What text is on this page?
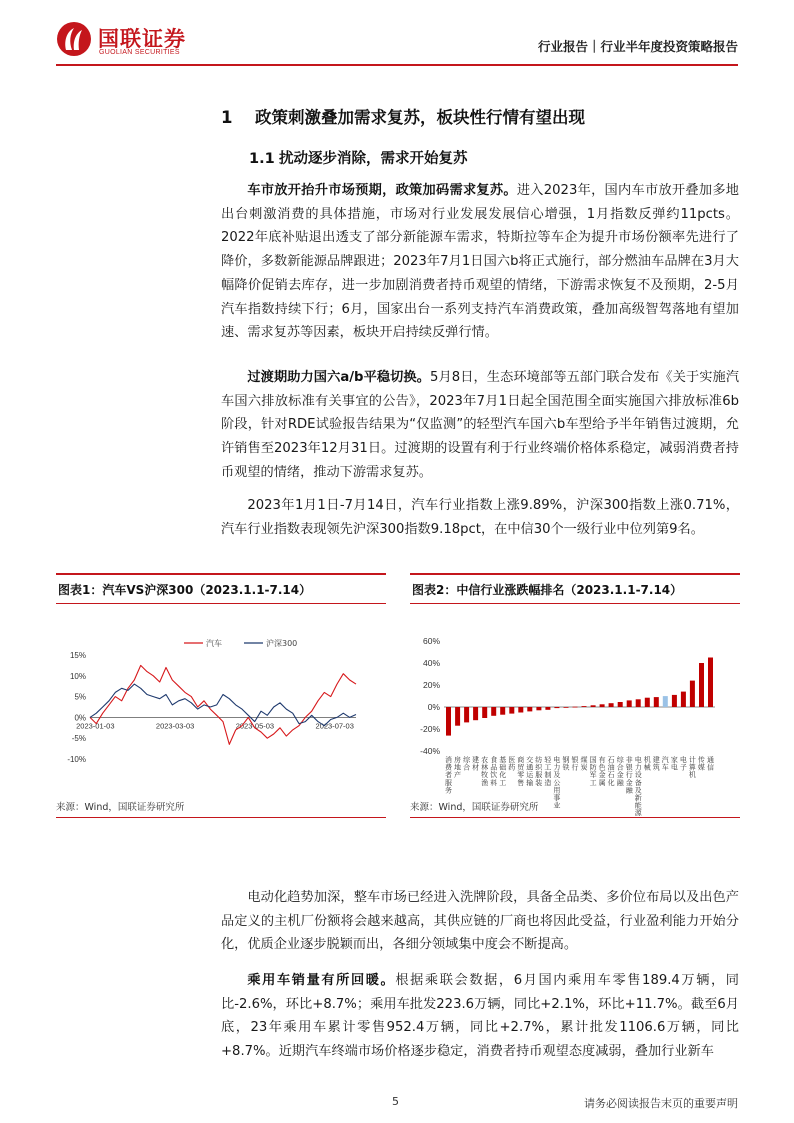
国联证券
GUOLIAN SECURITIES	行业报告｜行业半年度投资策略报告
1 政策刺激叠加需求复苏，板块性行情有望出现
1.1 扰动逐步消除，需求开始复苏

车市放开抬升市场预期，政策加码需求复苏。进入2023年，国内车市放开叠加多地出台刺激消费的具体措施，市场对行业发展发展信心增强，1月指数反弹约11pcts。2022年底补贴退出透支了部分新能源车需求，特斯拉等车企为提升市场份额率先进行了降价，多数新能源品牌跟进；2023年7月1日国六b将正式施行，部分燃油车品牌在3月大幅降价促销去库存，进一步加剧消费者持币观望的情绪，下游需求恢复不及预期，2-5月汽车指数持续下行；6月，国家出台一系列支持汽车消费政策，叠加高级智驾落地有望加速、需求复苏等因素，板块开启持续反弹行情。

过渡期助力国六a/b平稳切换。5月8日，生态环境部等五部门联合发布《关于实施汽车国六排放标准有关事宜的公告》，2023年7月1日起全国范围全面实施国六排放标准6b阶段，针对RDE试验报告结果为“仅监测”的轻型汽车国六b车型给予半年销售过渡期，允许销售至2023年12月31日。过渡期的设置有利于行业终端价格体系稳定，减弱消费者持币观望的情绪，推动下游需求复苏。

2023年1月1日-7月14日，汽车行业指数上涨9.89%，沪深300指数上涨0.71%，汽车行业指数表现领先沪深300指数9.18pct，在中信30个一级行业中位列第9名。

图表1：汽车VS沪深300（2023.1.1-7.14）
15%
10%
5%
0%
-5%
-10%
2023-01-03	2023-03-03	2023-05-03	2023-07-03
汽车	沪深300
来源：Wind，国联证券研究所
图表2：中信行业涨跌幅排名（2023.1.1-7.14）
60%
40%
20%
0%
-20%
-40%
消费者服务
房地产
综合
建材
农林牧渔
食品饮料
基础化工
医药
商贸零售
交通运输
纺织服装
轻工制造
电力及公用事业
钢铁
银行
煤炭
国防军工
有色金属
石油石化
综合金融
非银行金融
电力设备及新能源
机械
建筑
汽车
家电
电子
计算机
传媒
通信
来源：Wind，国联证券研究所

电动化趋势加深，整车市场已经进入洗牌阶段，具备全品类、多价位布局以及出色产品定义的主机厂份额将会越来越高，其供应链的厂商也将因此受益，行业盈利能力开始分化，优质企业逐步脱颖而出，各细分领域集中度会不断提高。

乘用车销量有所回暖。根据乘联会数据，6月国内乘用车零售189.4万辆，同比-2.6%，环比+8.7%；乘用车批发223.6万辆，同比+2.1%，环比+11.7%。截至6月底，23年乘用车累计零售952.4万辆，同比+2.7%，累计批发1106.6万辆，同比+8.7%。近期汽车终端市场价格逐步稳定，消费者持币观望态度减弱，叠加行业新车

5	请务必阅读报告末页的重要声明
